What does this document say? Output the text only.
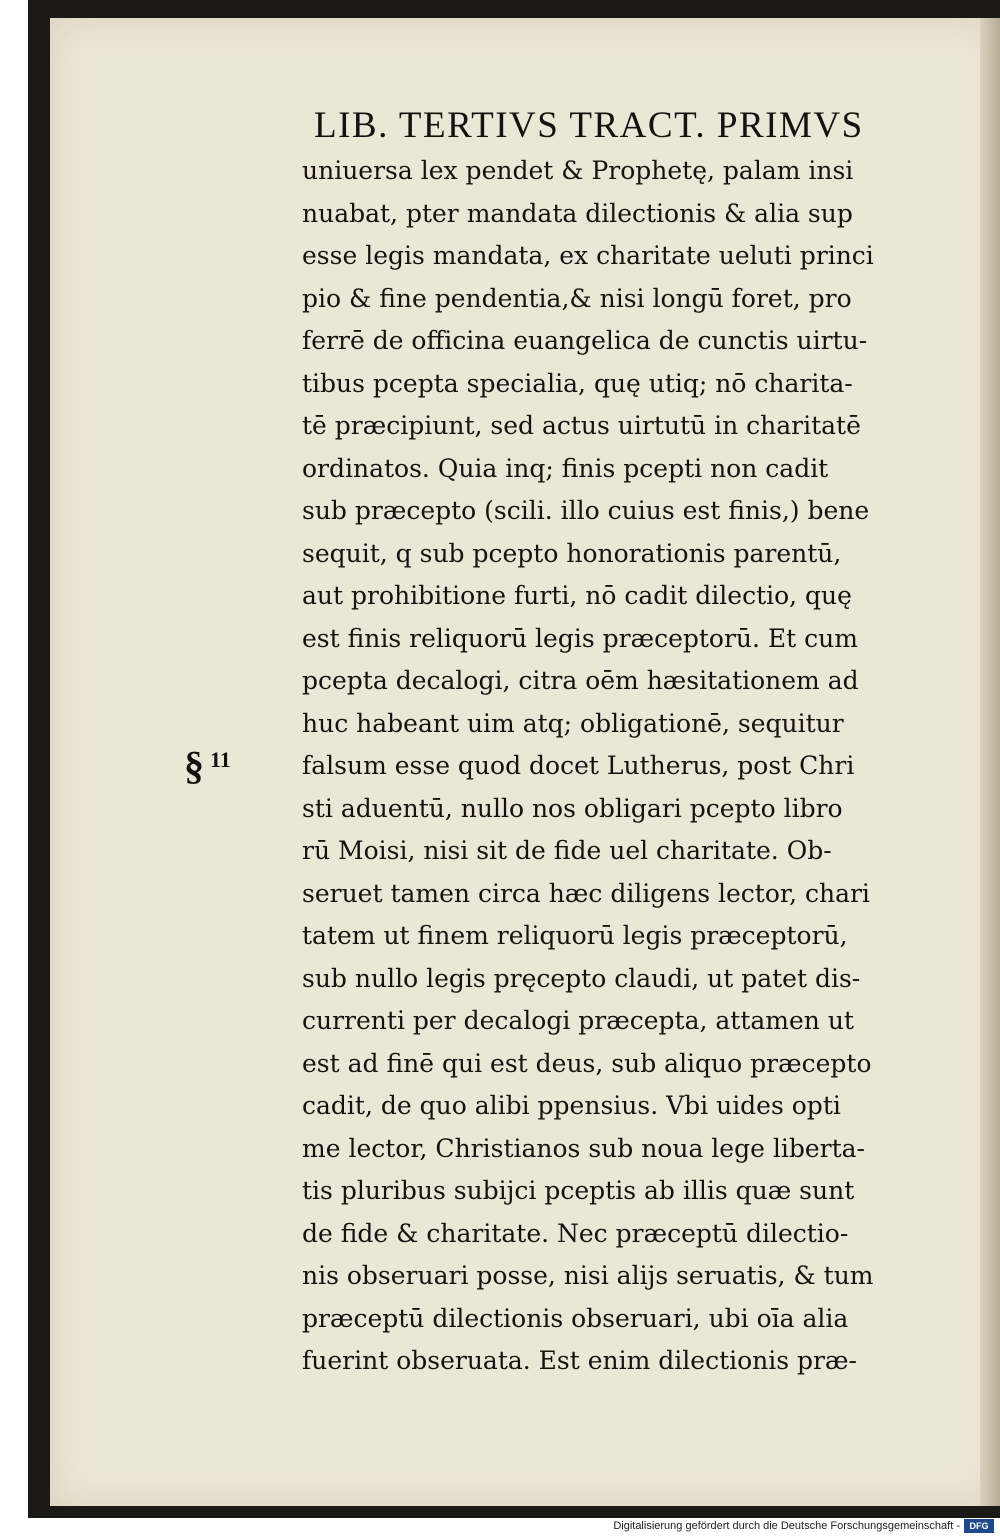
LIB. TERTIVS TRACT. PRIMVS
§ $^{11}$
uniuersa lex pendet & Prophetę, palam insi
nuabat, pter mandata dilectionis & alia sup
esse legis mandata, ex charitate ueluti princi
pio & fine pendentia,& nisi longū foret, pro
ferrē de officina euangelica de cunctis uirtu-
tibus pcepta specialia, quę utiq; nō charita-
tē præcipiunt, sed actus uirtutū in charitatē
ordinatos. Quia inq; finis pcepti non cadit
sub præcepto (scili. illo cuius est finis,) bene
sequit, q sub pcepto honorationis parentū,
aut prohibitione furti, nō cadit dilectio, quę
est finis reliquorū legis præceptorū. Et cum
pcepta decalogi, citra oēm hæsitationem ad
huc habeant uim atq; obligationē, sequitur
falsum esse quod docet Lutherus, post Chri
sti aduentū, nullo nos obligari pcepto libro
rū Moisi, nisi sit de fide uel charitate. Ob-
seruet tamen circa hæc diligens lector, chari
tatem ut finem reliquorū legis præceptorū,
sub nullo legis pręcepto claudi, ut patet dis-
currenti per decalogi præcepta, attamen ut
est ad finē qui est deus, sub aliquo præcepto
cadit, de quo alibi ppensius. Vbi uides opti
me lector, Christianos sub noua lege liberta-
tis pluribus subijci pceptis ab illis quæ sunt
de fide & charitate. Nec præceptū dilectio-
nis obseruari posse, nisi alijs seruatis, & tum
præceptū dilectionis obseruari, ubi oīa alia
fuerint obseruata. Est enim dilectionis præ-
Digitalisierung gefördert durch die Deutsche Forschungsgemeinschaft -	DFG
